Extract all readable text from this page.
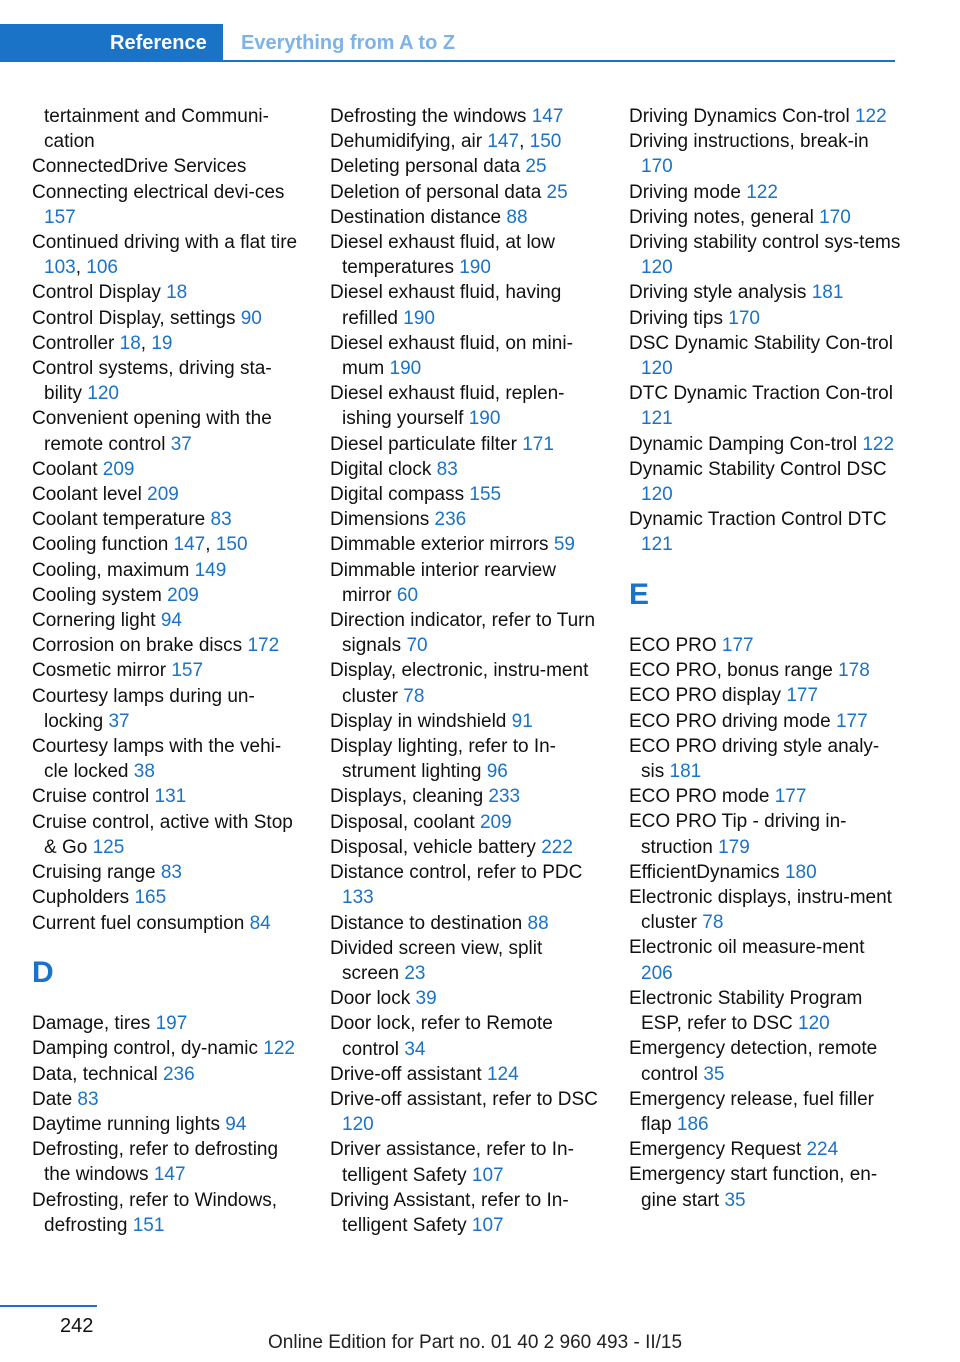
Reference	Everything from A to Z
tertainment and Communi-cation
ConnectedDrive Services
Connecting electrical devi-ces 157
Continued driving with a flat tire 103, 106
Control Display 18
Control Display, settings 90
Controller 18, 19
Control systems, driving sta-bility 120
Convenient opening with the remote control 37
Coolant 209
Coolant level 209
Coolant temperature 83
Cooling function 147, 150
Cooling, maximum 149
Cooling system 209
Cornering light 94
Corrosion on brake discs 172
Cosmetic mirror 157
Courtesy lamps during un-locking 37
Courtesy lamps with the vehi-cle locked 38
Cruise control 131
Cruise control, active with Stop & Go 125
Cruising range 83
Cupholders 165
Current fuel consumption 84
D
Damage, tires 197
Damping control, dy-namic 122
Data, technical 236
Date 83
Daytime running lights 94
Defrosting, refer to defrosting the windows 147
Defrosting, refer to Windows, defrosting 151
Defrosting the windows 147
Dehumidifying, air 147, 150
Deleting personal data 25
Deletion of personal data 25
Destination distance 88
Diesel exhaust fluid, at low temperatures 190
Diesel exhaust fluid, having refilled 190
Diesel exhaust fluid, on mini-mum 190
Diesel exhaust fluid, replen-ishing yourself 190
Diesel particulate filter 171
Digital clock 83
Digital compass 155
Dimensions 236
Dimmable exterior mirrors 59
Dimmable interior rearview mirror 60
Direction indicator, refer to Turn signals 70
Display, electronic, instru-ment cluster 78
Display in windshield 91
Display lighting, refer to In-strument lighting 96
Displays, cleaning 233
Disposal, coolant 209
Disposal, vehicle battery 222
Distance control, refer to PDC 133
Distance to destination 88
Divided screen view, split screen 23
Door lock 39
Door lock, refer to Remote control 34
Drive-off assistant 124
Drive-off assistant, refer to DSC 120
Driver assistance, refer to In-telligent Safety 107
Driving Assistant, refer to In-telligent Safety 107
Driving Dynamics Con-trol 122
Driving instructions, break-in 170
Driving mode 122
Driving notes, general 170
Driving stability control sys-tems 120
Driving style analysis 181
Driving tips 170
DSC Dynamic Stability Con-trol 120
DTC Dynamic Traction Con-trol 121
Dynamic Damping Con-trol 122
Dynamic Stability Control DSC 120
Dynamic Traction Control DTC 121
E
ECO PRO 177
ECO PRO, bonus range 178
ECO PRO display 177
ECO PRO driving mode 177
ECO PRO driving style analy-sis 181
ECO PRO mode 177
ECO PRO Tip - driving in-struction 179
EfficientDynamics 180
Electronic displays, instru-ment cluster 78
Electronic oil measure-ment 206
Electronic Stability Program ESP, refer to DSC 120
Emergency detection, remote control 35
Emergency release, fuel filler flap 186
Emergency Request 224
Emergency start function, en-gine start 35
242
Online Edition for Part no. 01 40 2 960 493 - II/15
